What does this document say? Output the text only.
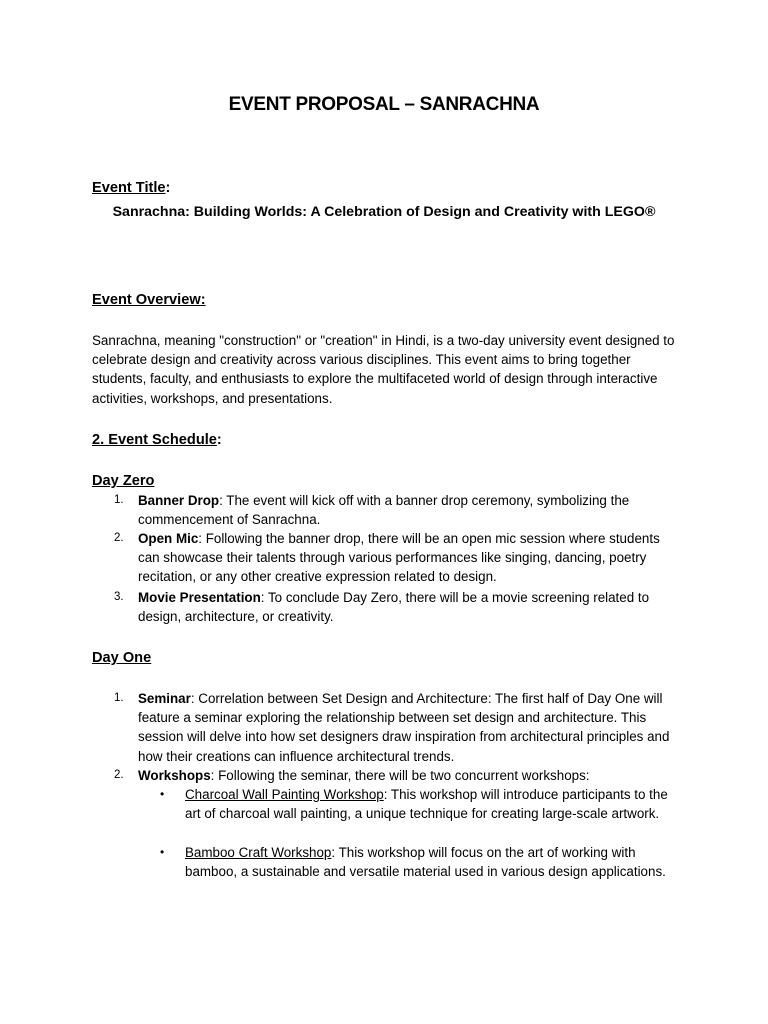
EVENT PROPOSAL – SANRACHNA
Event Title:
Sanrachna: Building Worlds: A Celebration of Design and Creativity with LEGO®
Event Overview:
Sanrachna, meaning "construction" or "creation" in Hindi, is a two-day university event designed to celebrate design and creativity across various disciplines. This event aims to bring together students, faculty, and enthusiasts to explore the multifaceted world of design through interactive activities, workshops, and presentations.
2. Event Schedule:
Day Zero
1. Banner Drop: The event will kick off with a banner drop ceremony, symbolizing the commencement of Sanrachna.
2. Open Mic: Following the banner drop, there will be an open mic session where students can showcase their talents through various performances like singing, dancing, poetry recitation, or any other creative expression related to design.
3. Movie Presentation: To conclude Day Zero, there will be a movie screening related to design, architecture, or creativity.
Day One
1. Seminar: Correlation between Set Design and Architecture: The first half of Day One will feature a seminar exploring the relationship between set design and architecture. This session will delve into how set designers draw inspiration from architectural principles and how their creations can influence architectural trends.
2. Workshops: Following the seminar, there will be two concurrent workshops:
• Charcoal Wall Painting Workshop: This workshop will introduce participants to the art of charcoal wall painting, a unique technique for creating large-scale artwork.
• Bamboo Craft Workshop: This workshop will focus on the art of working with bamboo, a sustainable and versatile material used in various design applications.
